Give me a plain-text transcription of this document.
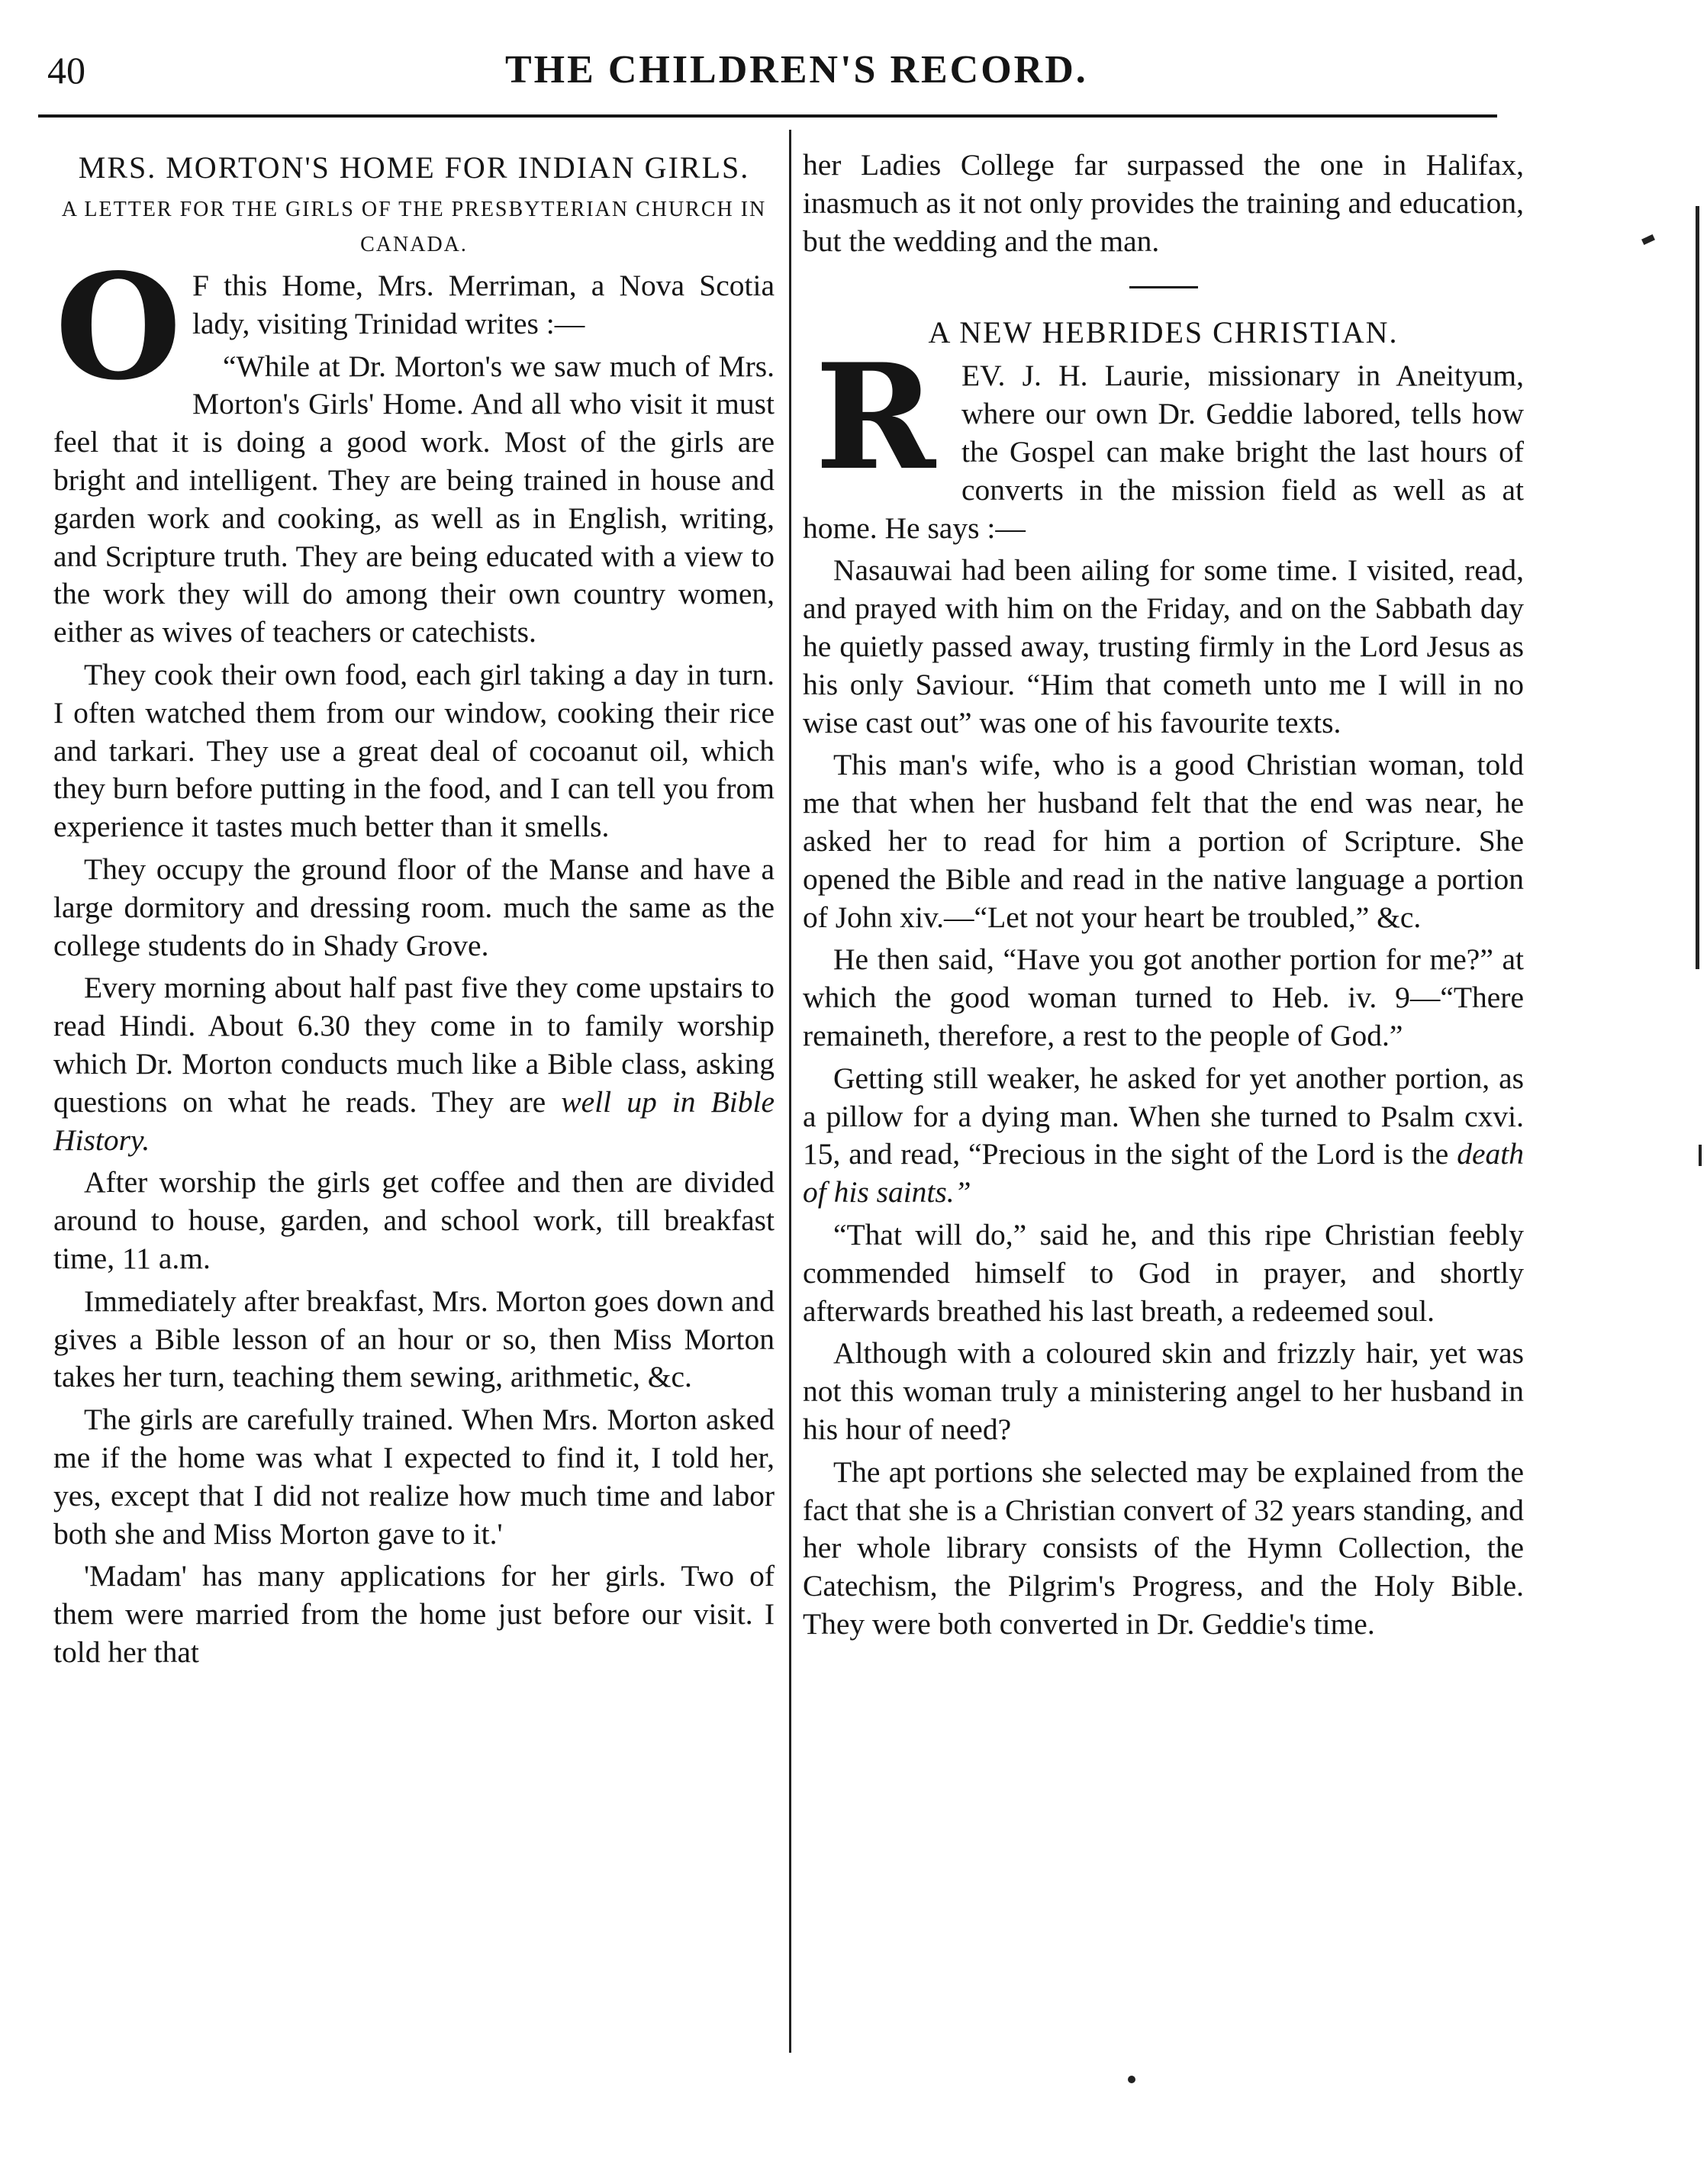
40	THE CHILDREN'S RECORD.
MRS. MORTON'S HOME FOR INDIAN GIRLS.
A LETTER FOR THE GIRLS OF THE PRESBYTERIAN CHURCH IN CANADA.
O F this Home, Mrs. Merriman, a Nova Scotia lady, visiting Trinidad writes :—

“While at Dr. Morton's we saw much of Mrs. Morton's Girls' Home. And all who visit it must feel that it is doing a good work. Most of the girls are bright and intelligent. They are being trained in house and garden work and cooking, as well as in English, writing, and Scripture truth. They are being educated with a view to the work they will do among their own country women, either as wives of teachers or catechists.

They cook their own food, each girl taking a day in turn. I often watched them from our window, cooking their rice and tarkari. They use a great deal of cocoanut oil, which they burn before putting in the food, and I can tell you from experience it tastes much better than it smells.

They occupy the ground floor of the Manse and have a large dormitory and dressing room. much the same as the college students do in Shady Grove.

Every morning about half past five they come upstairs to read Hindi. About 6.30 they come in to family worship which Dr. Morton conducts much like a Bible class, asking questions on what he reads. They are well up in Bible History.

After worship the girls get coffee and then are divided around to house, garden, and school work, till breakfast time, 11 a.m.

Immediately after breakfast, Mrs. Morton goes down and gives a Bible lesson of an hour or so, then Miss Morton takes her turn, teaching them sewing, arithmetic, &c.

The girls are carefully trained. When Mrs. Morton asked me if the home was what I expected to find it, I told her, yes, except that I did not realize how much time and labor both she and Miss Morton gave to it.'

'Madam' has many applications for her girls. Two of them were married from the home just before our visit. I told her that

her Ladies College far surpassed the one in Halifax, inasmuch as it not only provides the training and education, but the wedding and the man.

A NEW HEBRIDES CHRISTIAN.
R EV. J. H. Laurie, missionary in Aneityum, where our own Dr. Geddie labored, tells how the Gospel can make bright the last hours of converts in the mission field as well as at home. He says :—

Nasauwai had been ailing for some time. I visited, read, and prayed with him on the Friday, and on the Sabbath day he quietly passed away, trusting firmly in the Lord Jesus as his only Saviour. “Him that cometh unto me I will in no wise cast out” was one of his favourite texts.

This man's wife, who is a good Christian woman, told me that when her husband felt that the end was near, he asked her to read for him a portion of Scripture. She opened the Bible and read in the native language a portion of John xiv.—“Let not your heart be troubled,” &c.

He then said, “Have you got another portion for me?” at which the good woman turned to Heb. iv. 9—“There remaineth, therefore, a rest to the people of God.”

Getting still weaker, he asked for yet another portion, as a pillow for a dying man. When she turned to Psalm cxvi. 15, and read, “Precious in the sight of the Lord is the death of his saints.”

“That will do,” said he, and this ripe Christian feebly commended himself to God in prayer, and shortly afterwards breathed his last breath, a redeemed soul.

Although with a coloured skin and frizzly hair, yet was not this woman truly a ministering angel to her husband in his hour of need?

The apt portions she selected may be explained from the fact that she is a Christian convert of 32 years standing, and her whole library consists of the Hymn Collection, the Catechism, the Pilgrim's Progress, and the Holy Bible. They were both converted in Dr. Geddie's time.
